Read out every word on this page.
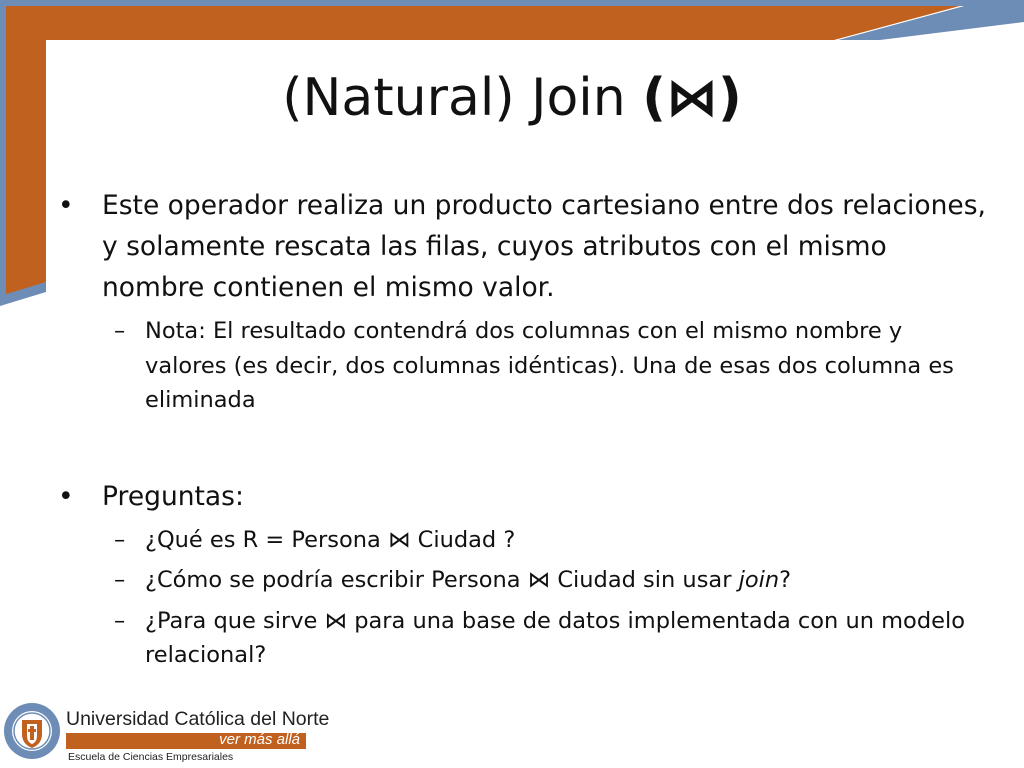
(Natural) Join (⋈)
• Este operador realiza un producto cartesiano entre dos relaciones, y solamente rescata las filas, cuyos atributos con el mismo nombre contienen el mismo valor.
– Nota: El resultado contendrá dos columnas con el mismo nombre y valores (es decir, dos columnas idénticas). Una de esas dos columna es eliminada
• Preguntas:
– ¿Qué es R = Persona ⋈ Ciudad ?
– ¿Cómo se podría escribir Persona ⋈ Ciudad sin usar join?
– ¿Para que sirve ⋈ para una base de datos implementada con un modelo relacional?
Universidad Católica del Norte
ver más allá
Escuela de Ciencias Empresariales
